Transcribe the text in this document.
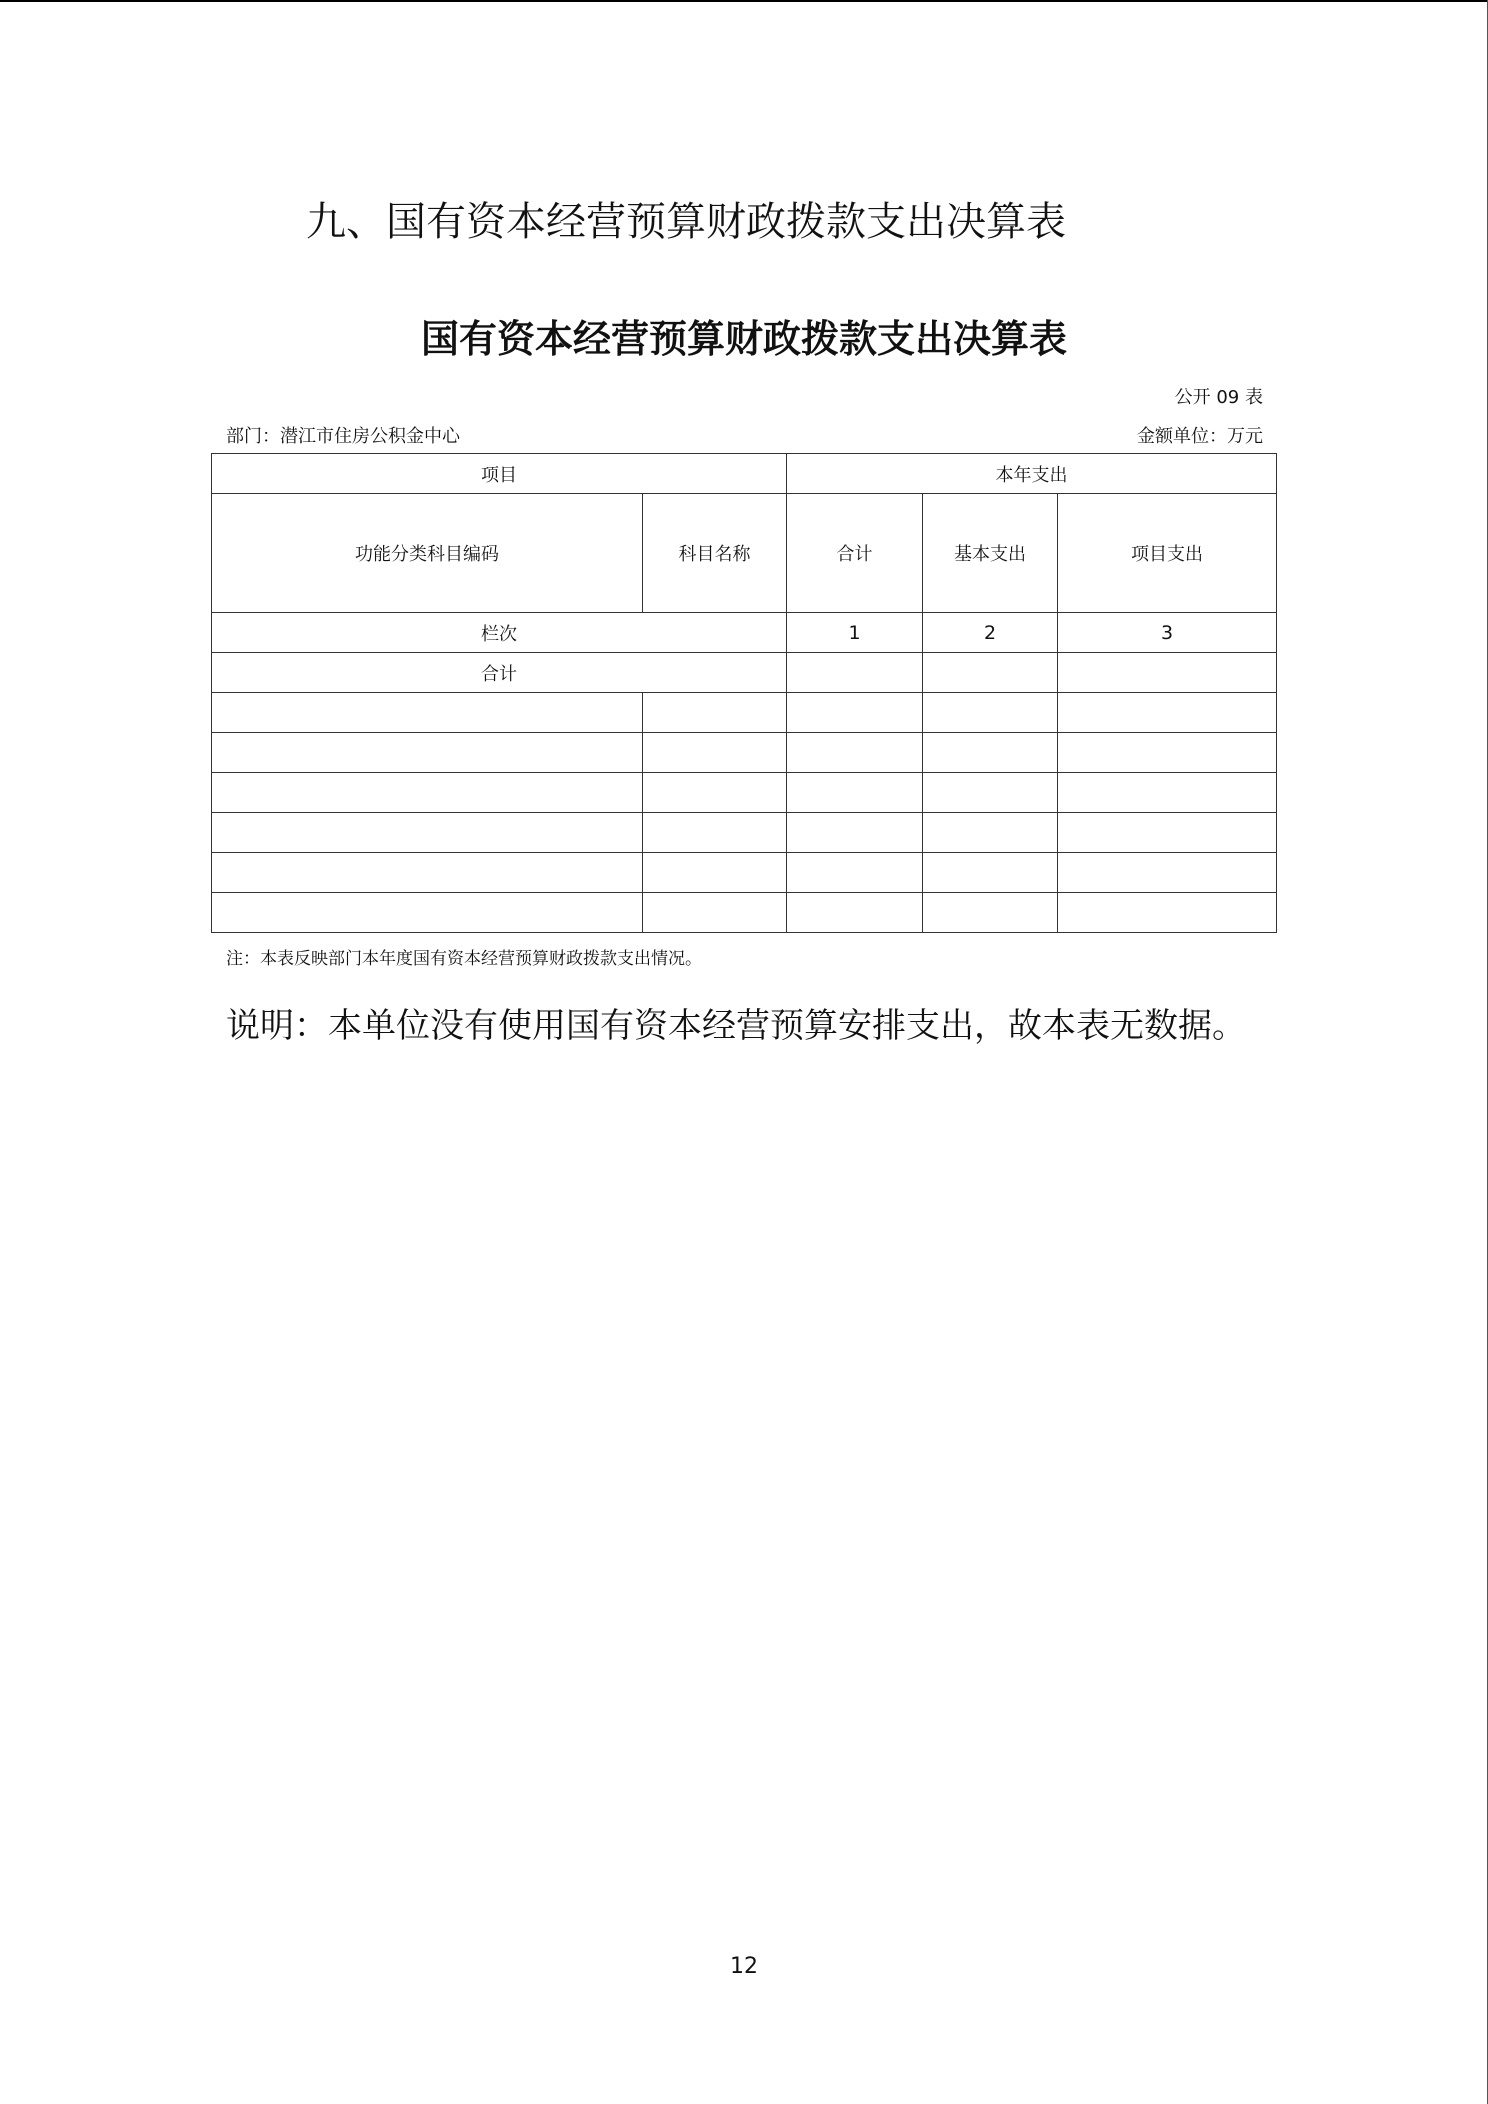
九、国有资本经营预算财政拨款支出决算表
国有资本经营预算财政拨款支出决算表
公开 09 表
部门：潜江市住房公积金中心	金额单位：万元
项目		本年支出		
功能分类科目编码	科目名称	合计	基本支出	项目支出
栏次		1	2	3
合计				

注：本表反映部门本年度国有资本经营预算财政拨款支出情况。
说明：本单位没有使用国有资本经营预算安排支出，故本表无数据。
12
